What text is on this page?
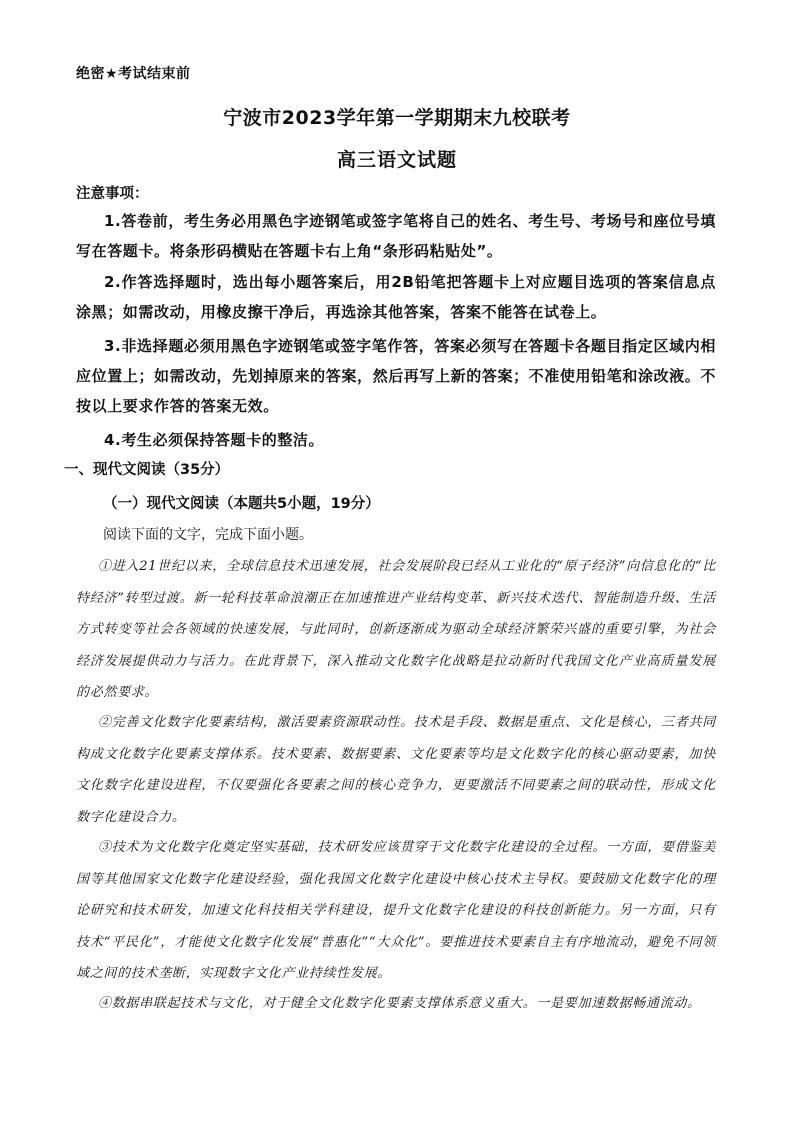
绝密★考试结束前
宁波市2023学年第一学期期末九校联考
高三语文试题
注意事项：
1.答卷前，考生务必用黑色字迹钢笔或签字笔将自己的姓名、考生号、考场号和座位号填写在答题卡。将条形码横贴在答题卡右上角“条形码粘贴处”。
2.作答选择题时，选出每小题答案后，用2B铅笔把答题卡上对应题目选项的答案信息点涂黑；如需改动，用橡皮擦干净后，再选涂其他答案，答案不能答在试卷上。
3.非选择题必须用黑色字迹钢笔或签字笔作答，答案必须写在答题卡各题目指定区域内相应位置上；如需改动，先划掉原来的答案，然后再写上新的答案；不准使用铅笔和涂改液。不按以上要求作答的答案无效。
4.考生必须保持答题卡的整洁。
一、现代文阅读（35分）
（一）现代文阅读（本题共5小题，19分）
阅读下面的文字，完成下面小题。
①进入21世纪以来，全球信息技术迅速发展，社会发展阶段已经从工业化的“原子经济”向信息化的“比特经济”转型过渡。新一轮科技革命浪潮正在加速推进产业结构变革、新兴技术迭代、智能制造升级、生活方式转变等社会各领域的快速发展，与此同时，创新逐渐成为驱动全球经济繁荣兴盛的重要引擎，为社会经济发展提供动力与活力。在此背景下，深入推动文化数字化战略是拉动新时代我国文化产业高质量发展的必然要求。
②完善文化数字化要素结构，激活要素资源联动性。技术是手段、数据是重点、文化是核心，三者共同构成文化数字化要素支撑体系。技术要素、数据要素、文化要素等均是文化数字化的核心驱动要素，加快文化数字化建设进程，不仅要强化各要素之间的核心竞争力，更要激活不同要素之间的联动性，形成文化数字化建设合力。
③技术为文化数字化奠定坚实基础，技术研发应该贯穿于文化数字化建设的全过程。一方面，要借鉴美国等其他国家文化数字化建设经验，强化我国文化数字化建设中核心技术主导权。要鼓励文化数字化的理论研究和技术研发，加速文化科技相关学科建设，提升文化数字化建设的科技创新能力。另一方面，只有技术“平民化”，才能使文化数字化发展“普惠化”“大众化”。要推进技术要素自主有序地流动，避免不同领域之间的技术垄断，实现数字文化产业持续性发展。
④数据串联起技术与文化，对于健全文化数字化要素支撑体系意义重大。一是要加速数据畅通流动。
